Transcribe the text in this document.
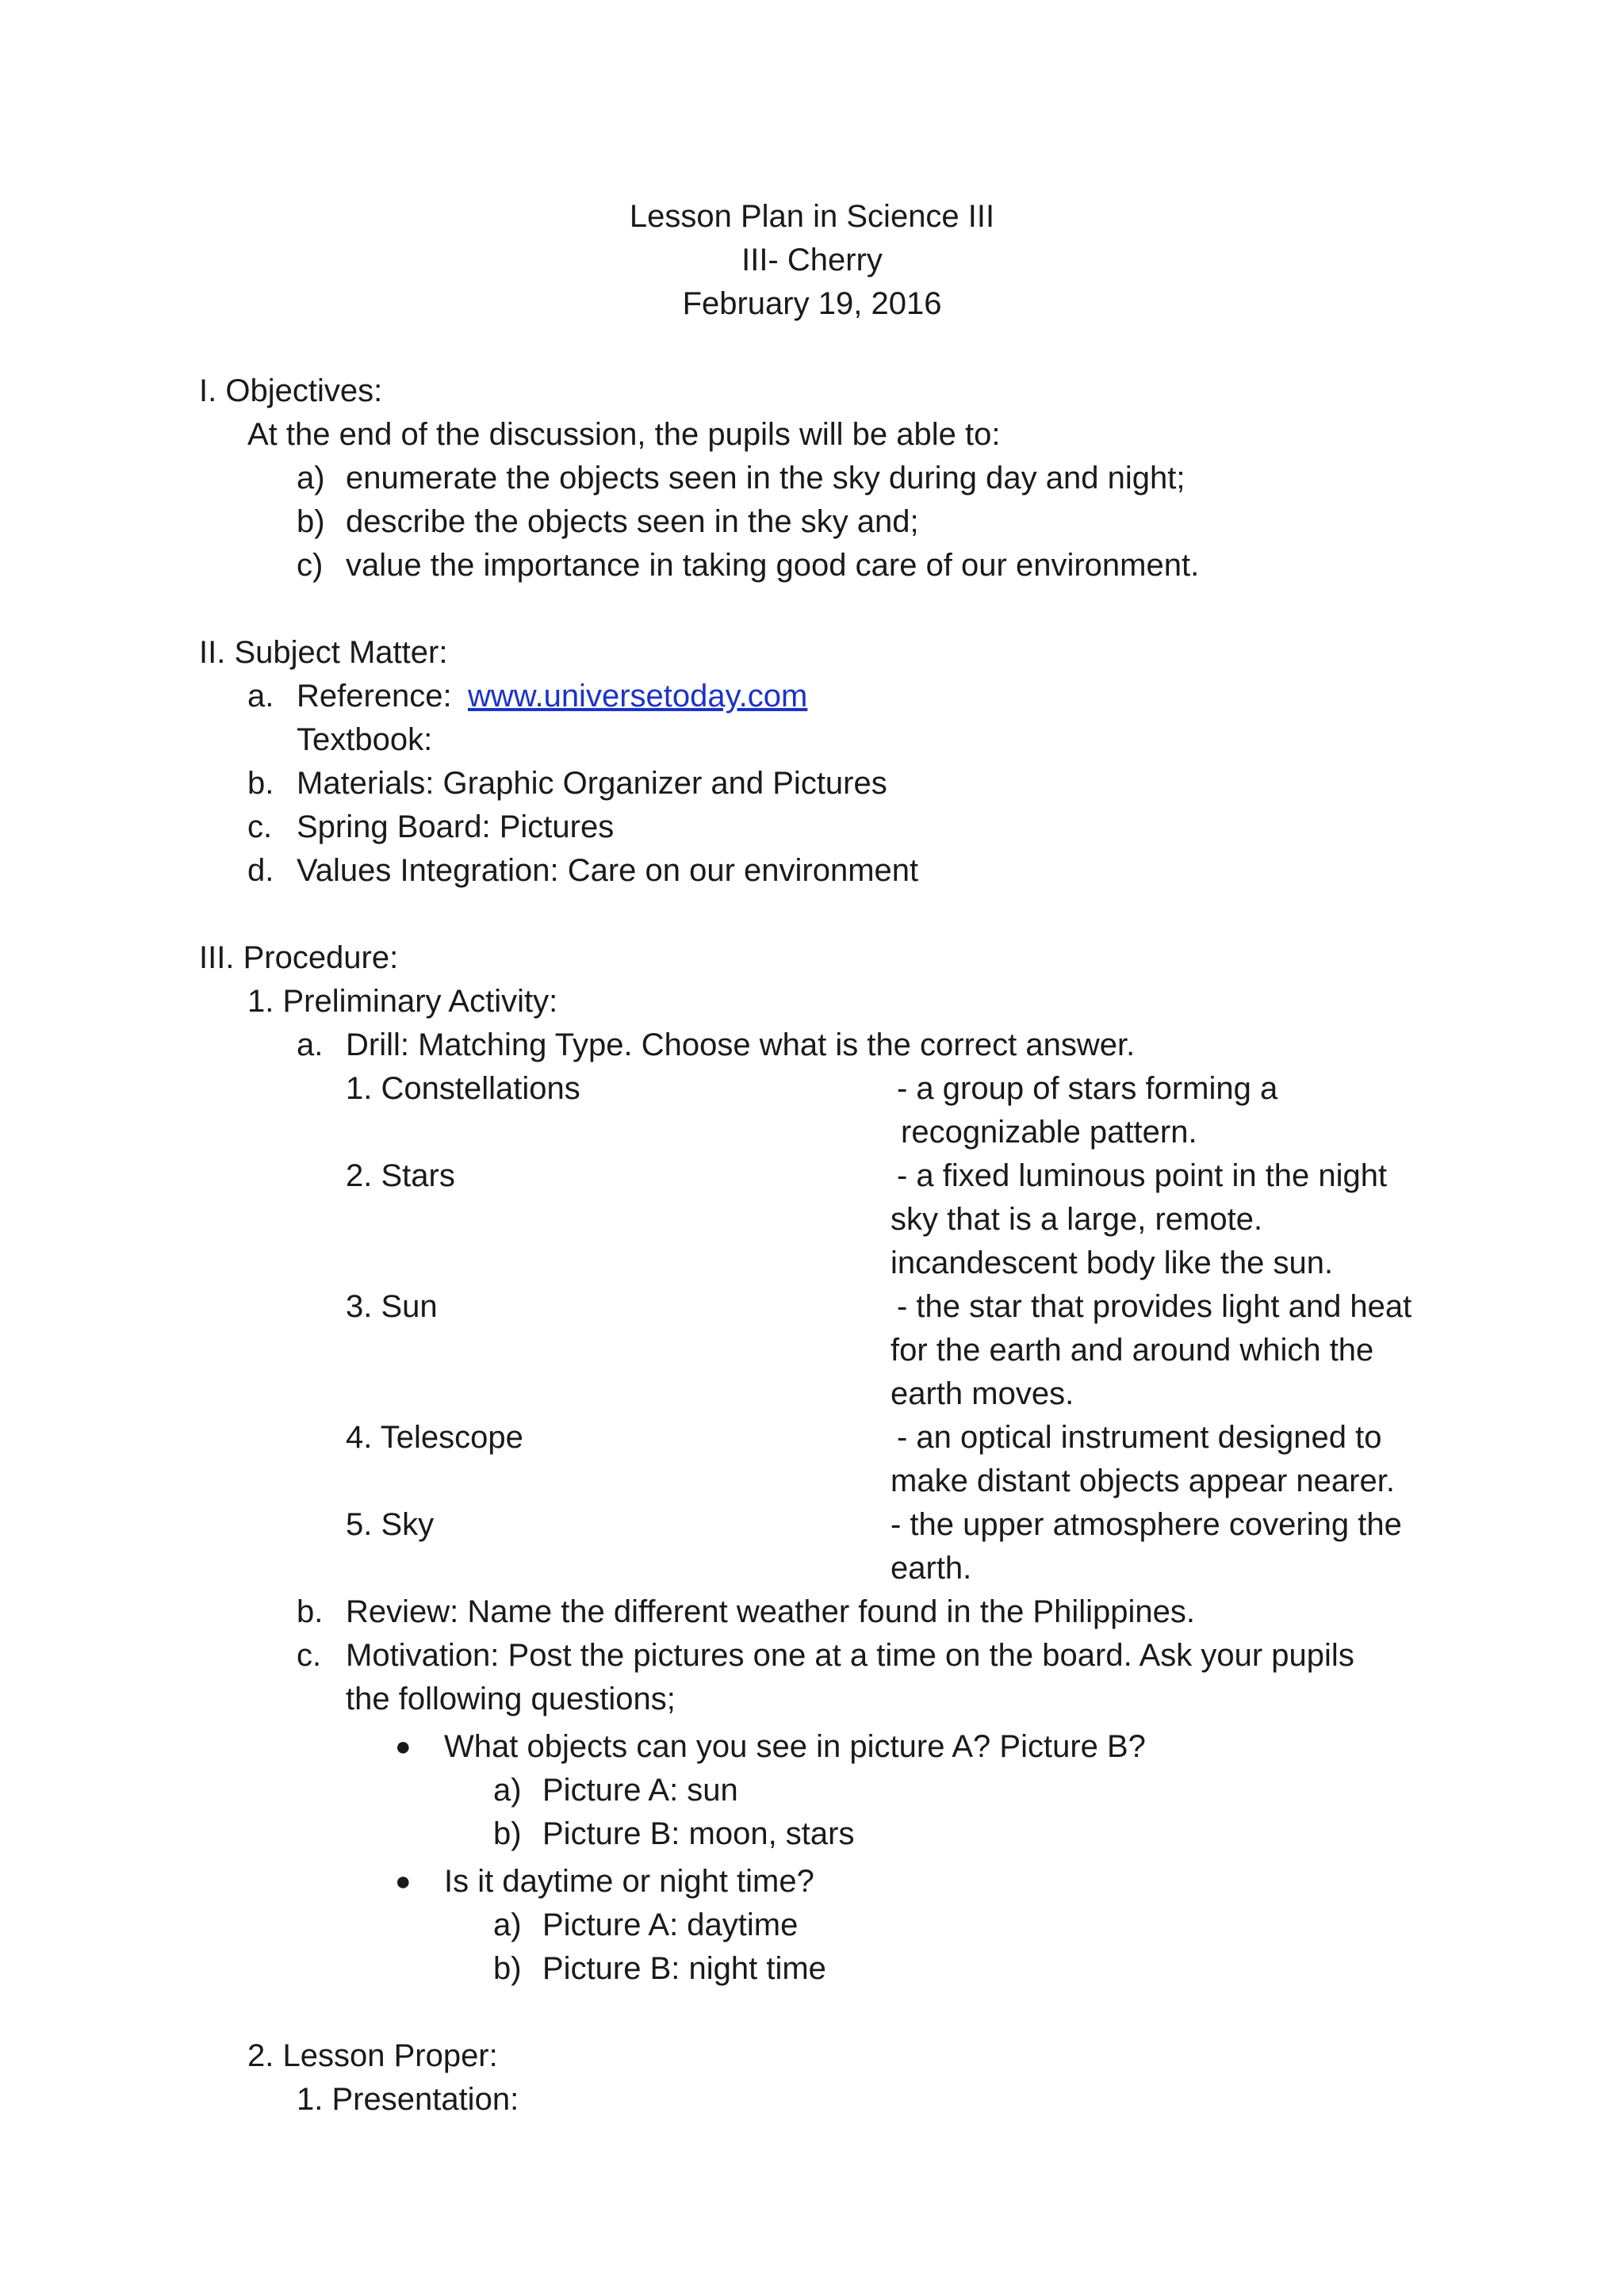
Lesson Plan in Science III
III- Cherry
February 19, 2016
I. Objectives:
At the end of the discussion, the pupils will be able to:
a) enumerate the objects seen in the sky during day and night;
b) describe the objects seen in the sky and;
c) value the importance in taking good care of our environment.
II. Subject Matter:
a. Reference: www.universetoday.com
Textbook:
b. Materials: Graphic Organizer and Pictures
c. Spring Board: Pictures
d. Values Integration: Care on our environment
III. Procedure:
1. Preliminary Activity:
a. Drill: Matching Type. Choose what is the correct answer.
1. Constellations	- a group of stars forming a
recognizable pattern.
2. Stars	- a fixed luminous point in the night
sky that is a large, remote.
incandescent body like the sun.
3. Sun	- the star that provides light and heat
for the earth and around which the
earth moves.
4. Telescope	- an optical instrument designed to
make distant objects appear nearer.
5. Sky	- the upper atmosphere covering the
earth.
b. Review: Name the different weather found in the Philippines.
c. Motivation: Post the pictures one at a time on the board. Ask your pupils
the following questions;
● What objects can you see in picture A? Picture B?
a) Picture A: sun
b) Picture B: moon, stars
● Is it daytime or night time?
a) Picture A: daytime
b) Picture B: night time
2. Lesson Proper:
1. Presentation:
